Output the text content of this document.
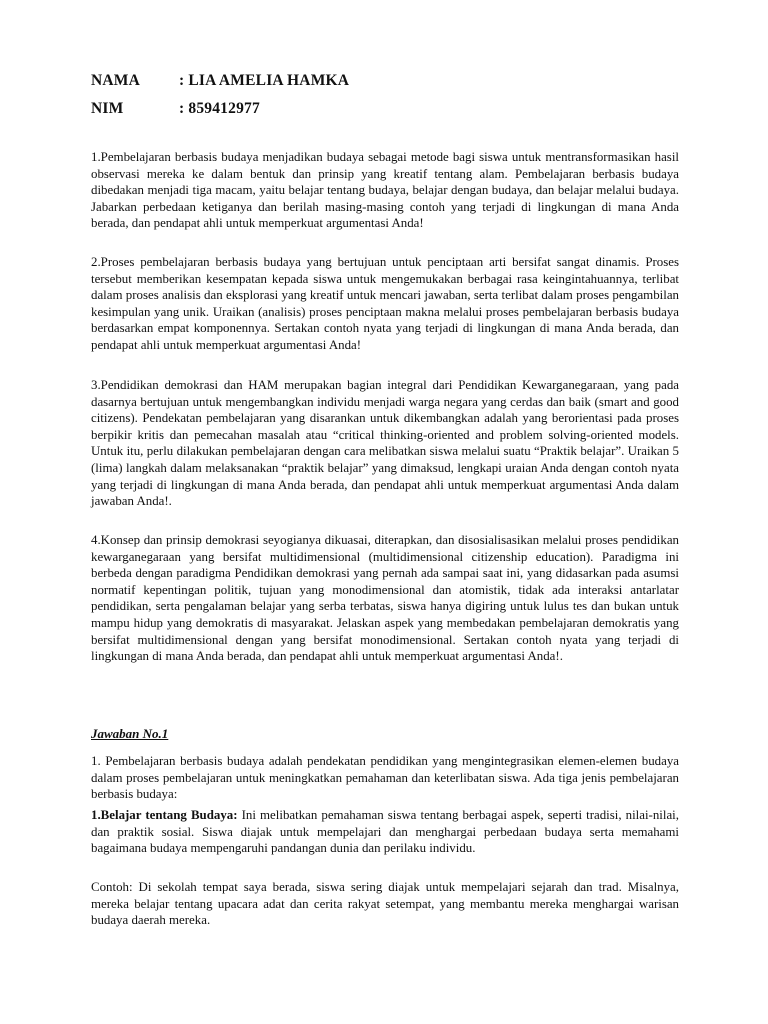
NAMA	: LIA AMELIA HAMKA
NIM	: 859412977

1.Pembelajaran berbasis budaya menjadikan budaya sebagai metode bagi siswa untuk mentransformasikan hasil observasi mereka ke dalam bentuk dan prinsip yang kreatif tentang alam. Pembelajaran berbasis budaya dibedakan menjadi tiga macam, yaitu belajar tentang budaya, belajar dengan budaya, dan belajar melalui budaya. Jabarkan perbedaan ketiganya dan berilah masing-masing contoh yang terjadi di lingkungan di mana Anda berada, dan pendapat ahli untuk memperkuat argumentasi Anda!

2.Proses pembelajaran berbasis budaya yang bertujuan untuk penciptaan arti bersifat sangat dinamis. Proses tersebut memberikan kesempatan kepada siswa untuk mengemukakan berbagai rasa keingintahuannya, terlibat dalam proses analisis dan eksplorasi yang kreatif untuk mencari jawaban, serta terlibat dalam proses pengambilan kesimpulan yang unik. Uraikan (analisis) proses penciptaan makna melalui proses pembelajaran berbasis budaya berdasarkan empat komponennya. Sertakan contoh nyata yang terjadi di lingkungan di mana Anda berada, dan pendapat ahli untuk memperkuat argumentasi Anda!

3.Pendidikan demokrasi dan HAM merupakan bagian integral dari Pendidikan Kewarganegaraan, yang pada dasarnya bertujuan untuk mengembangkan individu menjadi warga negara yang cerdas dan baik (smart and good citizens). Pendekatan pembelajaran yang disarankan untuk dikembangkan adalah yang berorientasi pada proses berpikir kritis dan pemecahan masalah atau “critical thinking-oriented and problem solving-oriented models. Untuk itu, perlu dilakukan pembelajaran dengan cara melibatkan siswa melalui suatu “Praktik belajar”. Uraikan 5 (lima) langkah dalam melaksanakan “praktik belajar” yang dimaksud, lengkapi uraian Anda dengan contoh nyata yang terjadi di lingkungan di mana Anda berada, dan pendapat ahli untuk memperkuat argumentasi Anda dalam jawaban Anda!.

4.Konsep dan prinsip demokrasi seyogianya dikuasai, diterapkan, dan disosialisasikan melalui proses pendidikan kewarganegaraan yang bersifat multidimensional (multidimensional citizenship education). Paradigma ini berbeda dengan paradigma Pendidikan demokrasi yang pernah ada sampai saat ini, yang didasarkan pada asumsi normatif kepentingan politik, tujuan yang monodimensional dan atomistik, tidak ada interaksi antarlatar pendidikan, serta pengalaman belajar yang serba terbatas, siswa hanya digiring untuk lulus tes dan bukan untuk mampu hidup yang demokratis di masyarakat. Jelaskan aspek yang membedakan pembelajaran demokratis yang bersifat multidimensional dengan yang bersifat monodimensional. Sertakan contoh nyata yang terjadi di lingkungan di mana Anda berada, dan pendapat ahli untuk memperkuat argumentasi Anda!.

Jawaban No.1

1. Pembelajaran berbasis budaya adalah pendekatan pendidikan yang mengintegrasikan elemen-elemen budaya dalam proses pembelajaran untuk meningkatkan pemahaman dan keterlibatan siswa. Ada tiga jenis pembelajaran berbasis budaya:

1.Belajar tentang Budaya: Ini melibatkan pemahaman siswa tentang berbagai aspek, seperti tradisi, nilai-nilai, dan praktik sosial. Siswa diajak untuk mempelajari dan menghargai perbedaan budaya serta memahami bagaimana budaya mempengaruhi pandangan dunia dan perilaku individu.

Contoh: Di sekolah tempat saya berada, siswa sering diajak untuk mempelajari sejarah dan trad. Misalnya, mereka belajar tentang upacara adat dan cerita rakyat setempat, yang membantu mereka menghargai warisan budaya daerah mereka.
